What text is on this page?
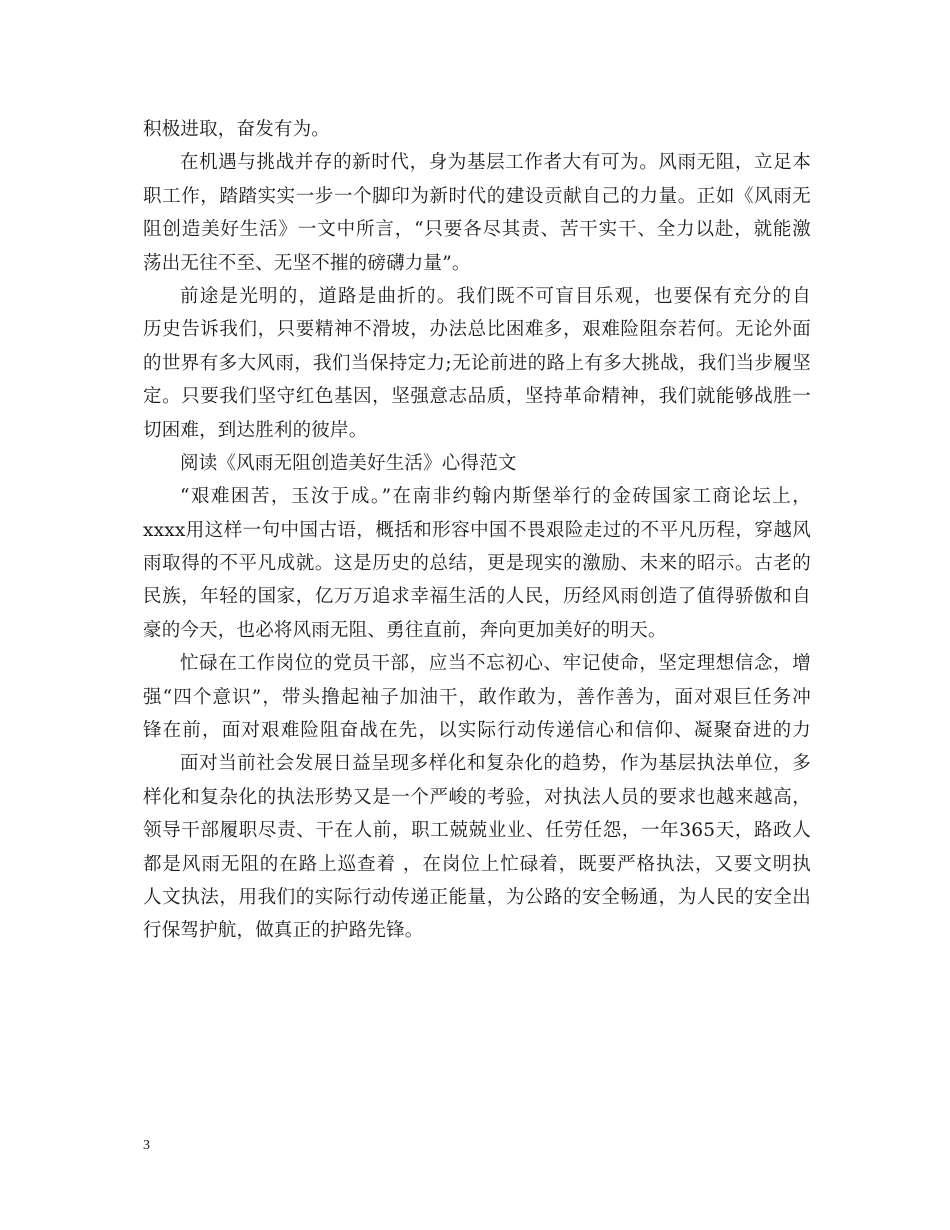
积极进取，奋发有为。
在机遇与挑战并存的新时代，身为基层工作者大有可为。风雨无阻，立足本
职工作，踏踏实实一步一个脚印为新时代的建设贡献自己的力量。正如《风雨无
阻创造美好生活》一文中所言，“只要各尽其责、苦干实干、全力以赴，就能激
荡出无往不至、无坚不摧的磅礴力量”。
前途是光明的，道路是曲折的。我们既不可盲目乐观，也要保有充分的自
历史告诉我们，只要精神不滑坡，办法总比困难多，艰难险阻奈若何。无论外面
的世界有多大风雨，我们当保持定力;无论前进的路上有多大挑战，我们当步履坚
定。只要我们坚守红色基因，坚强意志品质，坚持革命精神，我们就能够战胜一
切困难，到达胜利的彼岸。
阅读《风雨无阻创造美好生活》心得范文
“艰难困苦，玉汝于成。”在南非约翰内斯堡举行的金砖国家工商论坛上，
xxxx用这样一句中国古语，概括和形容中国不畏艰险走过的不平凡历程，穿越风
雨取得的不平凡成就。这是历史的总结，更是现实的激励、未来的昭示。古老的
民族，年轻的国家，亿万万追求幸福生活的人民，历经风雨创造了值得骄傲和自
豪的今天，也必将风雨无阻、勇往直前，奔向更加美好的明天。
忙碌在工作岗位的党员干部，应当不忘初心、牢记使命，坚定理想信念，增
强“四个意识”，带头撸起袖子加油干，敢作敢为，善作善为，面对艰巨任务冲
锋在前，面对艰难险阻奋战在先，以实际行动传递信心和信仰、凝聚奋进的力
面对当前社会发展日益呈现多样化和复杂化的趋势，作为基层执法单位，多
样化和复杂化的执法形势又是一个严峻的考验，对执法人员的要求也越来越高，
领导干部履职尽责、干在人前，职工兢兢业业、任劳任怨，一年365天，路政人
都是风雨无阻的在路上巡查着 ，在岗位上忙碌着，既要严格执法，又要文明执
人文执法，用我们的实际行动传递正能量，为公路的安全畅通，为人民的安全出
行保驾护航，做真正的护路先锋。
3
